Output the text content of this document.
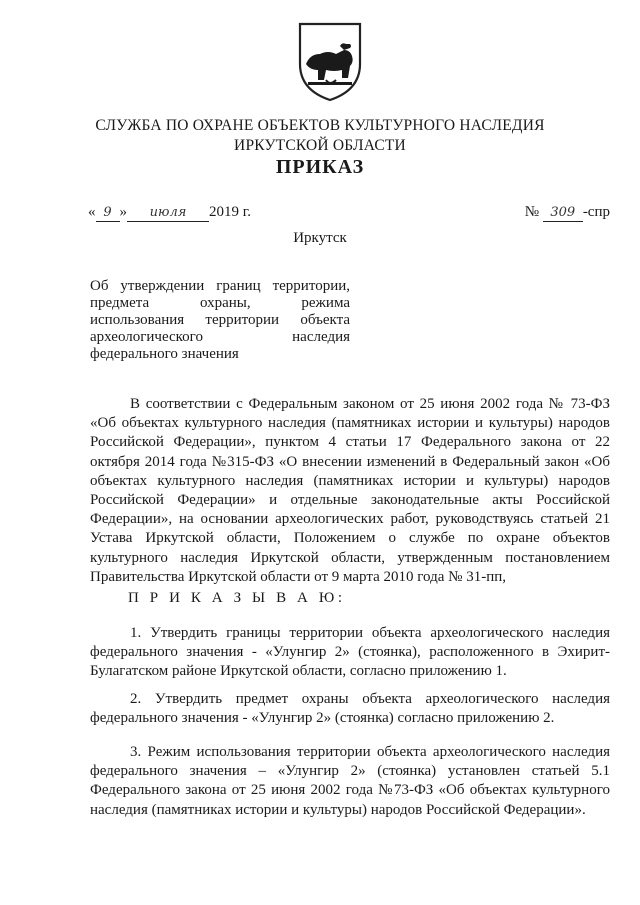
СЛУЖБА ПО ОХРАНЕ ОБЪЕКТОВ КУЛЬТУРНОГО НАСЛЕДИЯ
ИРКУТСКОЙ ОБЛАСТИ
ПРИКАЗ
« 9 » июля 2019 г.	№ 309 -спр
Иркутск
Об утверждении границ территории,
предмета охраны, режима
использования территории объекта
археологического наследия
федерального значения
В соответствии с Федеральным законом от 25 июня 2002 года № 73-ФЗ «Об объектах культурного наследия (памятниках истории и культуры) народов Российской Федерации», пунктом 4 статьи 17 Федерального закона от 22 октября 2014 года №315-ФЗ «О внесении изменений в Федеральный закон «Об объектах культурного наследия (памятниках истории и культуры) народов Российской Федерации» и отдельные законодательные акты Российской Федерации», на основании археологических работ, руководствуясь статьей 21 Устава Иркутской области, Положением о службе по охране объектов культурного наследия Иркутской области, утвержденным постановлением Правительства Иркутской области от 9 марта 2010 года № 31-пп,
П Р И К А З Ы В А Ю:
1. Утвердить границы территории объекта археологического наследия федерального значения - «Улунгир 2» (стоянка), расположенного в Эхирит-Булагатском районе Иркутской области, согласно приложению 1.
2. Утвердить предмет охраны объекта археологического наследия федерального значения - «Улунгир 2» (стоянка) согласно приложению 2.
3. Режим использования территории объекта археологического наследия федерального значения – «Улунгир 2» (стоянка) установлен статьей 5.1 Федерального закона от 25 июня 2002 года №73-ФЗ «Об объектах культурного наследия (памятниках истории и культуры) народов Российской Федерации».
